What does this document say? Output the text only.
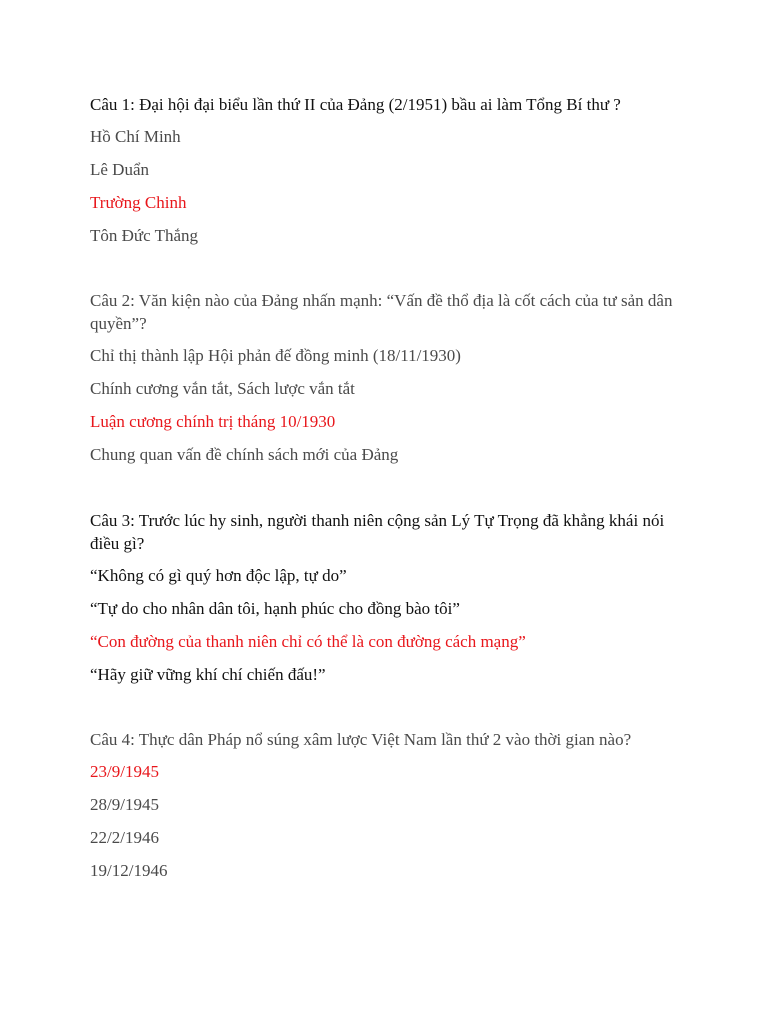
Câu 1: Đại hội đại biểu lần thứ II của Đảng (2/1951) bầu ai làm Tổng Bí thư ?

Hồ Chí Minh
Lê Duẩn
Trường Chinh
Tôn Đức Thắng

Câu 2: Văn kiện nào của Đảng nhấn mạnh: “Vấn đề thổ địa là cốt cách của tư sản dân quyền”?

Chỉ thị thành lập Hội phản đế đồng minh (18/11/1930)
Chính cương vắn tắt, Sách lược vắn tắt
Luận cương chính trị tháng 10/1930
Chung quan vấn đề chính sách mới của Đảng

Câu 3: Trước lúc hy sinh, người thanh niên cộng sản Lý Tự Trọng đã khẳng khái nói điều gì?

“Không có gì quý hơn độc lập, tự do”
“Tự do cho nhân dân tôi, hạnh phúc cho đồng bào tôi”
“Con đường của thanh niên chỉ có thể là con đường cách mạng”
“Hãy giữ vững khí chí chiến đấu!”

Câu 4: Thực dân Pháp nổ súng xâm lược Việt Nam lần thứ 2 vào thời gian nào?

23/9/1945
28/9/1945
22/2/1946
19/12/1946
